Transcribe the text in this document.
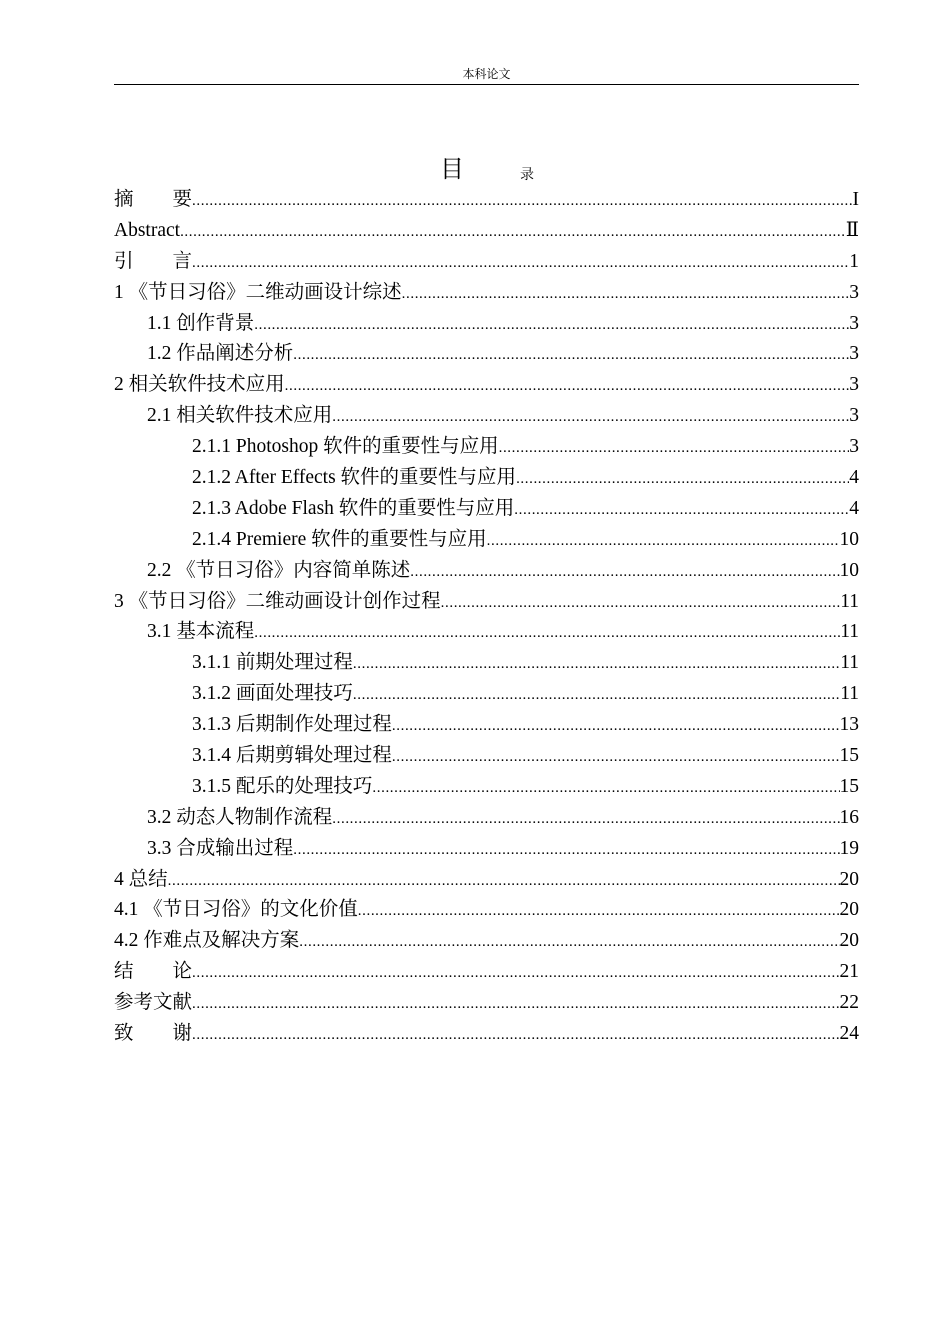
本科论文
目	录
摘　　要 .....	I
Abstract .....	Ⅱ
引　　言 .....	1
1 《节日习俗》二维动画设计综述 .....	3
1.1 创作背景 .....	3
1.2 作品阐述分析 .....	3
2 相关软件技术应用 .....	3
2.1 相关软件技术应用 .....	3
2.1.1 Photoshop 软件的重要性与应用 .....	3
2.1.2 After Effects 软件的重要性与应用 .....	4
2.1.3 Adobe Flash 软件的重要性与应用 .....	4
2.1.4 Premiere 软件的重要性与应用 .....	10
2.2 《节日习俗》内容简单陈述 .....	10
3 《节日习俗》二维动画设计创作过程 .....	11
3.1 基本流程 .....	11
3.1.1 前期处理过程 .....	11
3.1.2 画面处理技巧 .....	11
3.1.3 后期制作处理过程 .....	13
3.1.4 后期剪辑处理过程 .....	15
3.1.5 配乐的处理技巧 .....	15
3.2 动态人物制作流程 .....	16
3.3 合成输出过程 .....	19
4 总结 .....	20
4.1 《节日习俗》的文化价值 .....	20
4.2 作难点及解决方案 .....	20
结　　论 .....	21
参考文献 .....	22
致　　谢 .....	24
